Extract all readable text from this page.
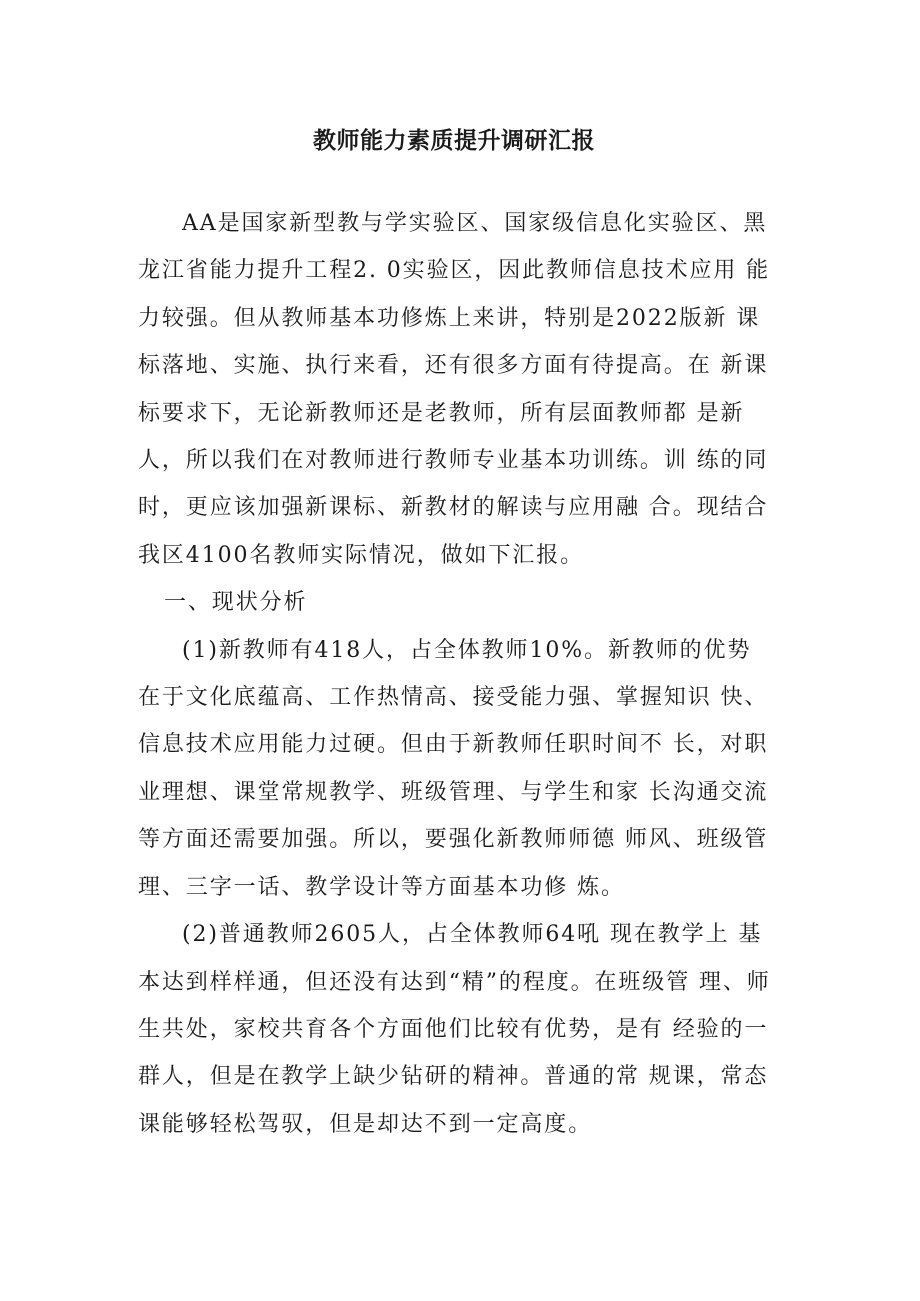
教师能力素质提升调研汇报

AA是国家新型教与学实验区、国家级信息化实验区、黑 龙江省能力提升工程2. 0实验区，因此教师信息技术应用 能力较强。但从教师基本功修炼上来讲，特别是2022版新 课标落地、实施、执行来看，还有很多方面有待提高。在 新课标要求下，无论新教师还是老教师，所有层面教师都 是新人，所以我们在对教师进行教师专业基本功训练。训 练的同时，更应该加强新课标、新教材的解读与应用融 合。现结合我区4100名教师实际情况，做如下汇报。

一、现状分析

(1)新教师有418人，占全体教师10%。新教师的优势 在于文化底蕴高、工作热情高、接受能力强、掌握知识 快、信息技术应用能力过硬。但由于新教师任职时间不 长，对职业理想、课堂常规教学、班级管理、与学生和家 长沟通交流等方面还需要加强。所以，要强化新教师师德 师风、班级管理、三字一话、教学设计等方面基本功修 炼。

(2)普通教师2605人，占全体教师64吼 现在教学上 基本达到样样通，但还没有达到“精”的程度。在班级管 理、师生共处，家校共育各个方面他们比较有优势，是有 经验的一群人，但是在教学上缺少钻研的精神。普通的常 规课，常态课能够轻松驾驭，但是却达不到一定高度。
